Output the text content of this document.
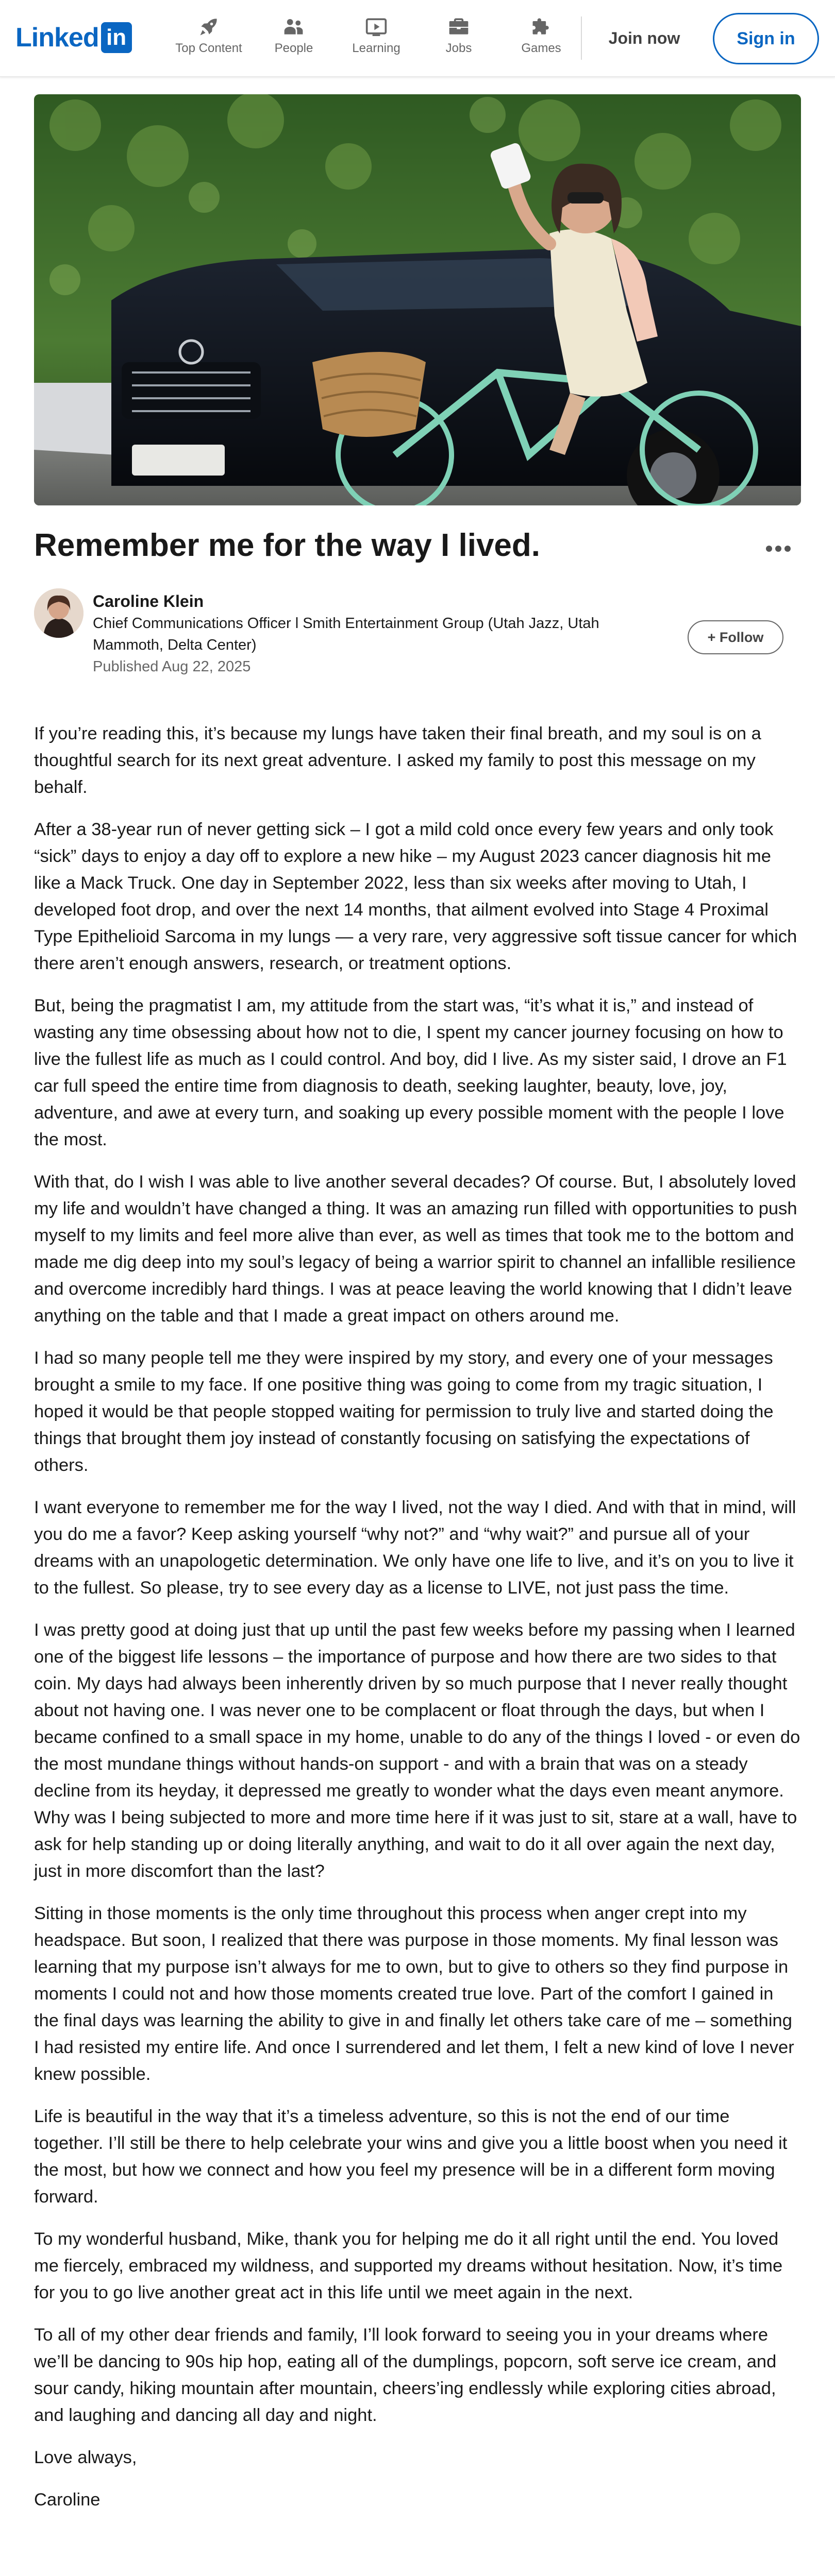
Linked in	Top Content	People	Learning	Jobs	Games
Join now	Sign in
Remember me for the way I lived.
Caroline Klein
Chief Communications Officer l Smith Entertainment Group (Utah Jazz, Utah Mammoth, Delta Center)
Published Aug 22, 2025
+ Follow

If you’re reading this, it’s because my lungs have taken their final breath, and my soul is on a thoughtful search for its next great adventure. I asked my family to post this message on my behalf.

After a 38-year run of never getting sick – I got a mild cold once every few years and only took “sick” days to enjoy a day off to explore a new hike – my August 2023 cancer diagnosis hit me like a Mack Truck. One day in September 2022, less than six weeks after moving to Utah, I developed foot drop, and over the next 14 months, that ailment evolved into Stage 4 Proximal Type Epithelioid Sarcoma in my lungs — a very rare, very aggressive soft tissue cancer for which there aren’t enough answers, research, or treatment options.

But, being the pragmatist I am, my attitude from the start was, “it’s what it is,” and instead of wasting any time obsessing about how not to die, I spent my cancer journey focusing on how to live the fullest life as much as I could control. And boy, did I live. As my sister said, I drove an F1 car full speed the entire time from diagnosis to death, seeking laughter, beauty, love, joy, adventure, and awe at every turn, and soaking up every possible moment with the people I love the most.

With that, do I wish I was able to live another several decades? Of course. But, I absolutely loved my life and wouldn’t have changed a thing. It was an amazing run filled with opportunities to push myself to my limits and feel more alive than ever, as well as times that took me to the bottom and made me dig deep into my soul’s legacy of being a warrior spirit to channel an infallible resilience and overcome incredibly hard things. I was at peace leaving the world knowing that I didn’t leave anything on the table and that I made a great impact on others around me.

I had so many people tell me they were inspired by my story, and every one of your messages brought a smile to my face. If one positive thing was going to come from my tragic situation, I hoped it would be that people stopped waiting for permission to truly live and started doing the things that brought them joy instead of constantly focusing on satisfying the expectations of others.

I want everyone to remember me for the way I lived, not the way I died. And with that in mind, will you do me a favor? Keep asking yourself “why not?” and “why wait?” and pursue all of your dreams with an unapologetic determination. We only have one life to live, and it’s on you to live it to the fullest. So please, try to see every day as a license to LIVE, not just pass the time.

I was pretty good at doing just that up until the past few weeks before my passing when I learned one of the biggest life lessons – the importance of purpose and how there are two sides to that coin. My days had always been inherently driven by so much purpose that I never really thought about not having one. I was never one to be complacent or float through the days, but when I became confined to a small space in my home, unable to do any of the things I loved - or even do the most mundane things without hands-on support - and with a brain that was on a steady decline from its heyday, it depressed me greatly to wonder what the days even meant anymore. Why was I being subjected to more and more time here if it was just to sit, stare at a wall, have to ask for help standing up or doing literally anything, and wait to do it all over again the next day, just in more discomfort than the last?

Sitting in those moments is the only time throughout this process when anger crept into my headspace. But soon, I realized that there was purpose in those moments. My final lesson was learning that my purpose isn’t always for me to own, but to give to others so they find purpose in moments I could not and how those moments created true love. Part of the comfort I gained in the final days was learning the ability to give in and finally let others take care of me – something I had resisted my entire life. And once I surrendered and let them, I felt a new kind of love I never knew possible.

Life is beautiful in the way that it’s a timeless adventure, so this is not the end of our time together. I’ll still be there to help celebrate your wins and give you a little boost when you need it the most, but how we connect and how you feel my presence will be in a different form moving forward.

To my wonderful husband, Mike, thank you for helping me do it all right until the end. You loved me fiercely, embraced my wildness, and supported my dreams without hesitation. Now, it’s time for you to go live another great act in this life until we meet again in the next.

To all of my other dear friends and family, I’ll look forward to seeing you in your dreams where we’ll be dancing to 90s hip hop, eating all of the dumplings, popcorn, soft serve ice cream, and sour candy, hiking mountain after mountain, cheers’ing endlessly while exploring cities abroad, and laughing and dancing all day and night.

Love always,

Caroline
